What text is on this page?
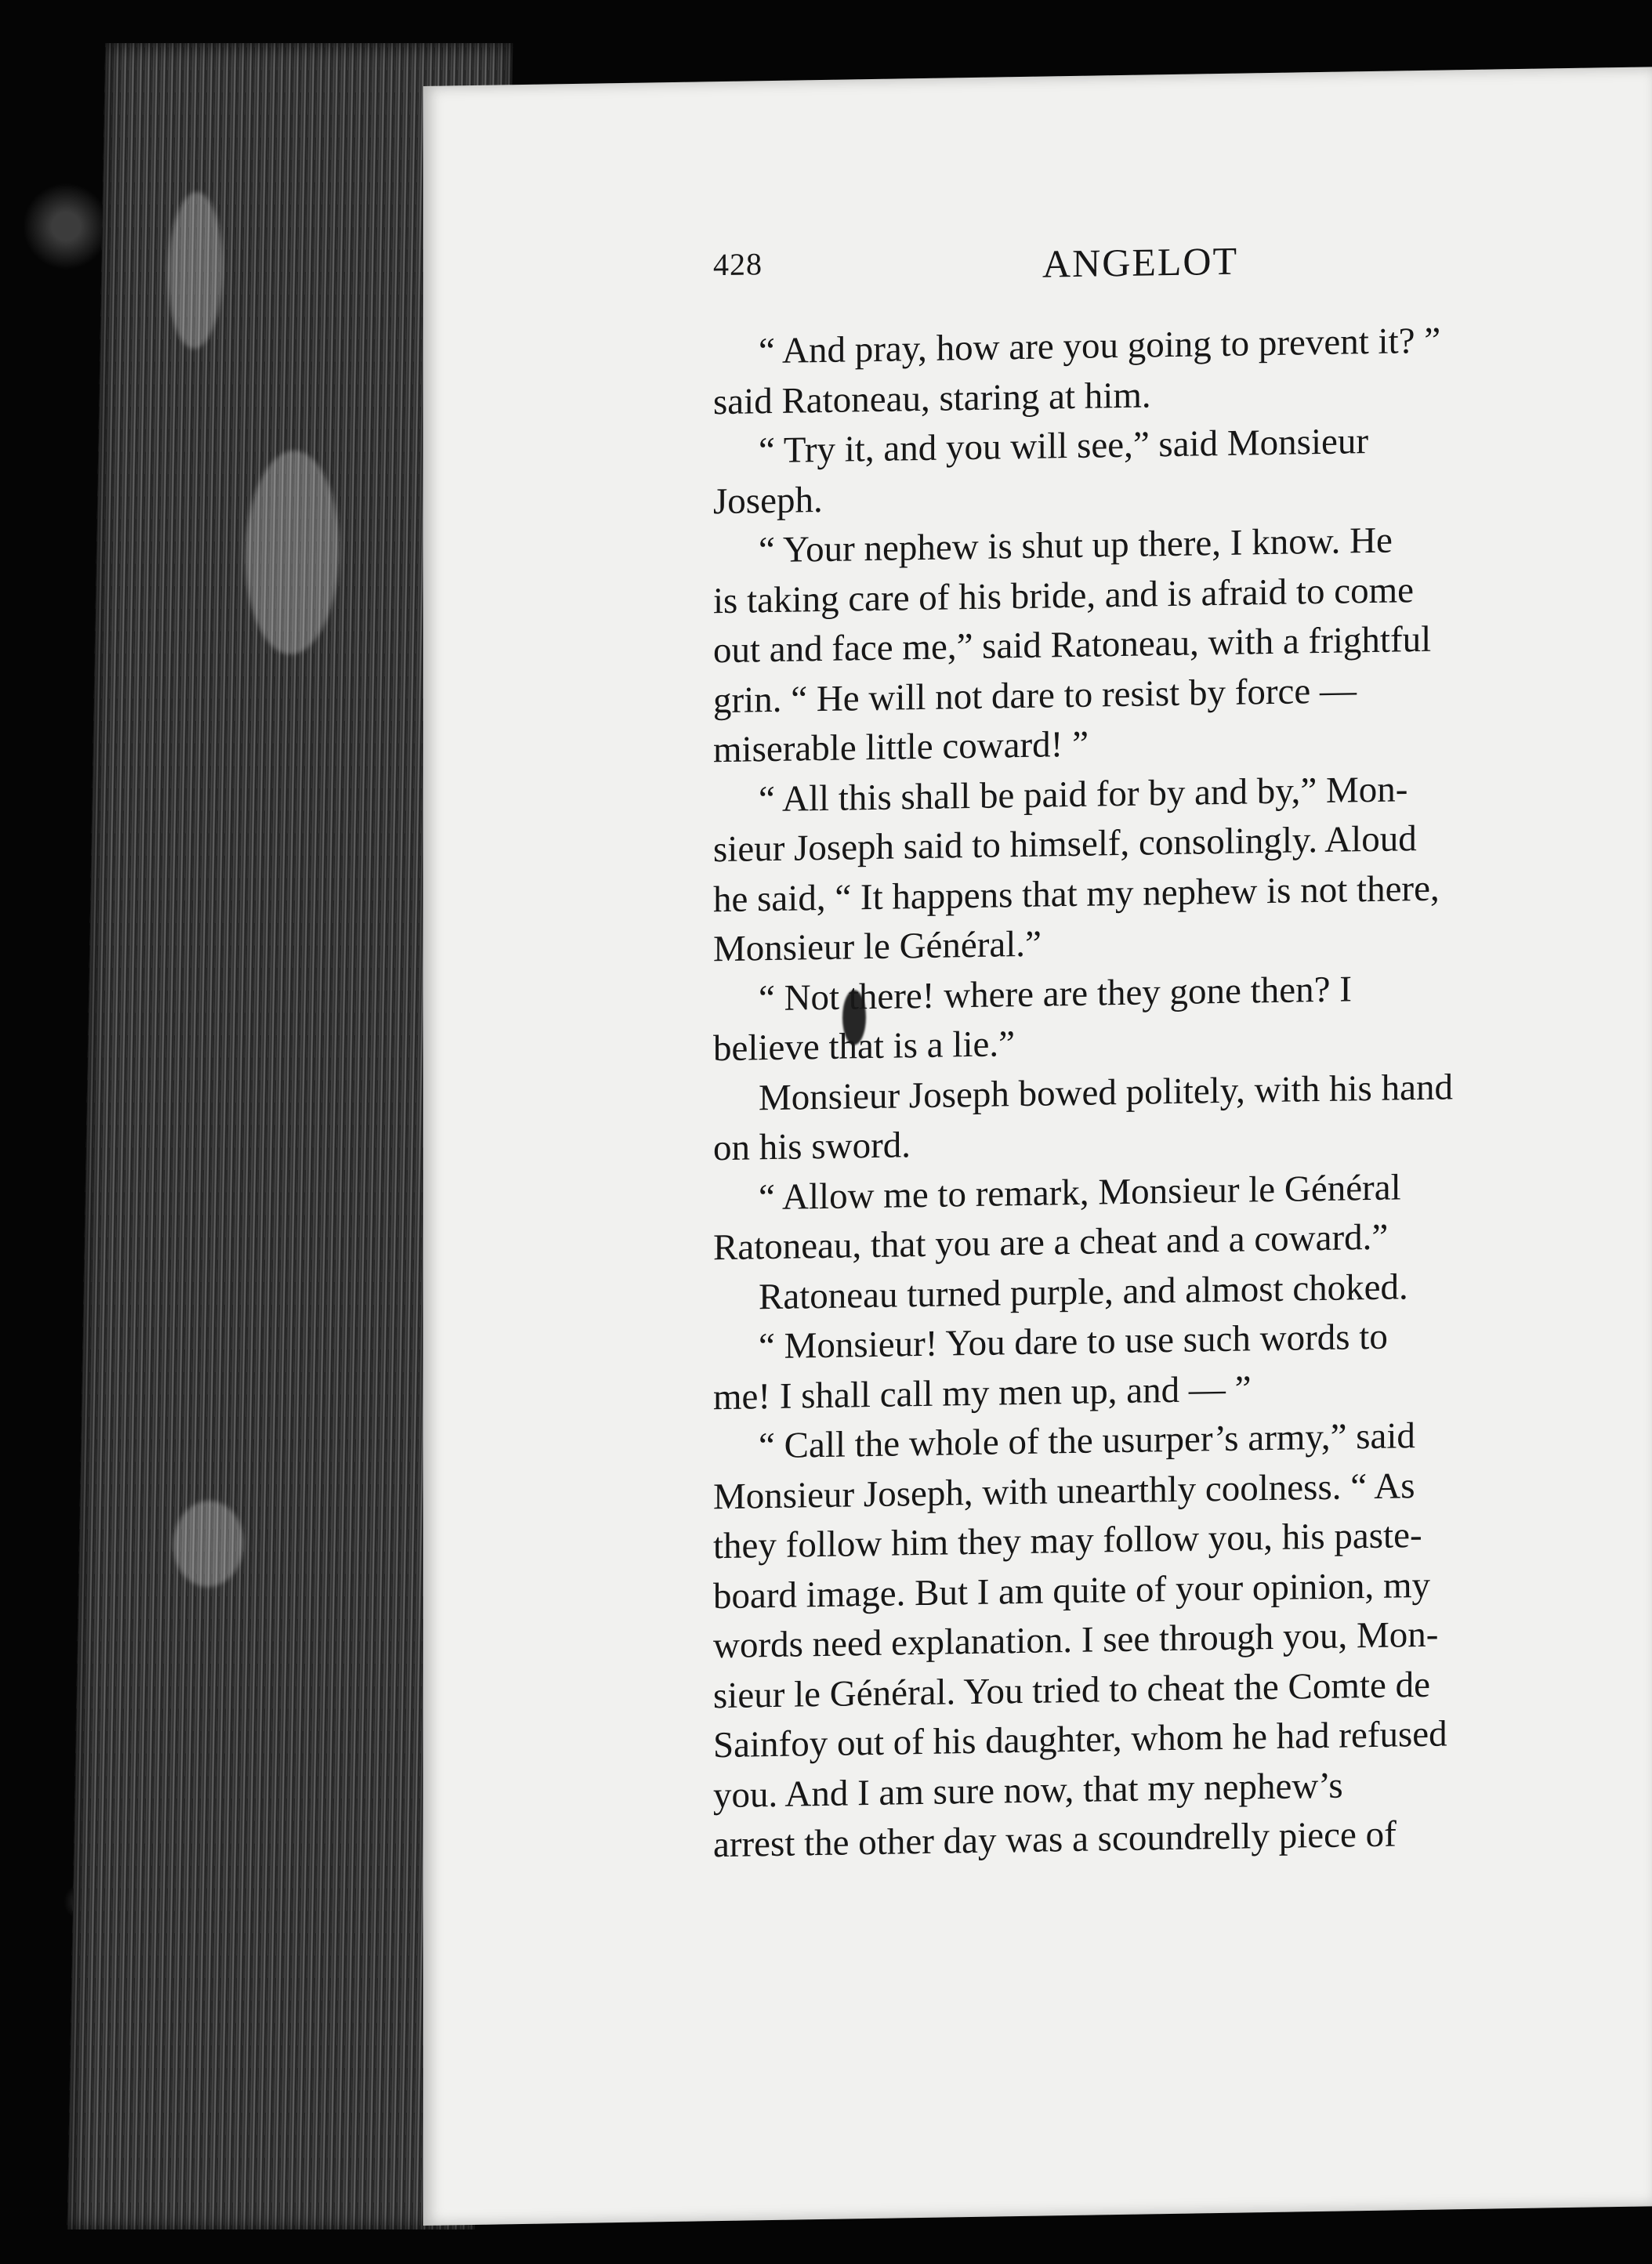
428	ANGELOT

“ And pray, how are you going to prevent it? ”
said Ratoneau, staring at him.

“ Try it, and you will see,” said Monsieur
Joseph.

“ Your nephew is shut up there, I know. He
is taking care of his bride, and is afraid to come
out and face me,” said Ratoneau, with a frightful
grin. “ He will not dare to resist by force —
miserable little coward! ”

“ All this shall be paid for by and by,” Mon-
sieur Joseph said to himself, consolingly. Aloud
he said, “ It happens that my nephew is not there,
Monsieur le Général.”

“ Not there! where are they gone then? I
believe that is a lie.”

Monsieur Joseph bowed politely, with his hand
on his sword.

“ Allow me to remark, Monsieur le Général
Ratoneau, that you are a cheat and a coward.”

Ratoneau turned purple, and almost choked.

“ Monsieur! You dare to use such words to
me! I shall call my men up, and — ”

“ Call the whole of the usurper’s army,” said
Monsieur Joseph, with unearthly coolness. “ As
they follow him they may follow you, his paste-
board image. But I am quite of your opinion, my
words need explanation. I see through you, Mon-
sieur le Général. You tried to cheat the Comte de
Sainfoy out of his daughter, whom he had refused
you. And I am sure now, that my nephew’s
arrest the other day was a scoundrelly piece of
